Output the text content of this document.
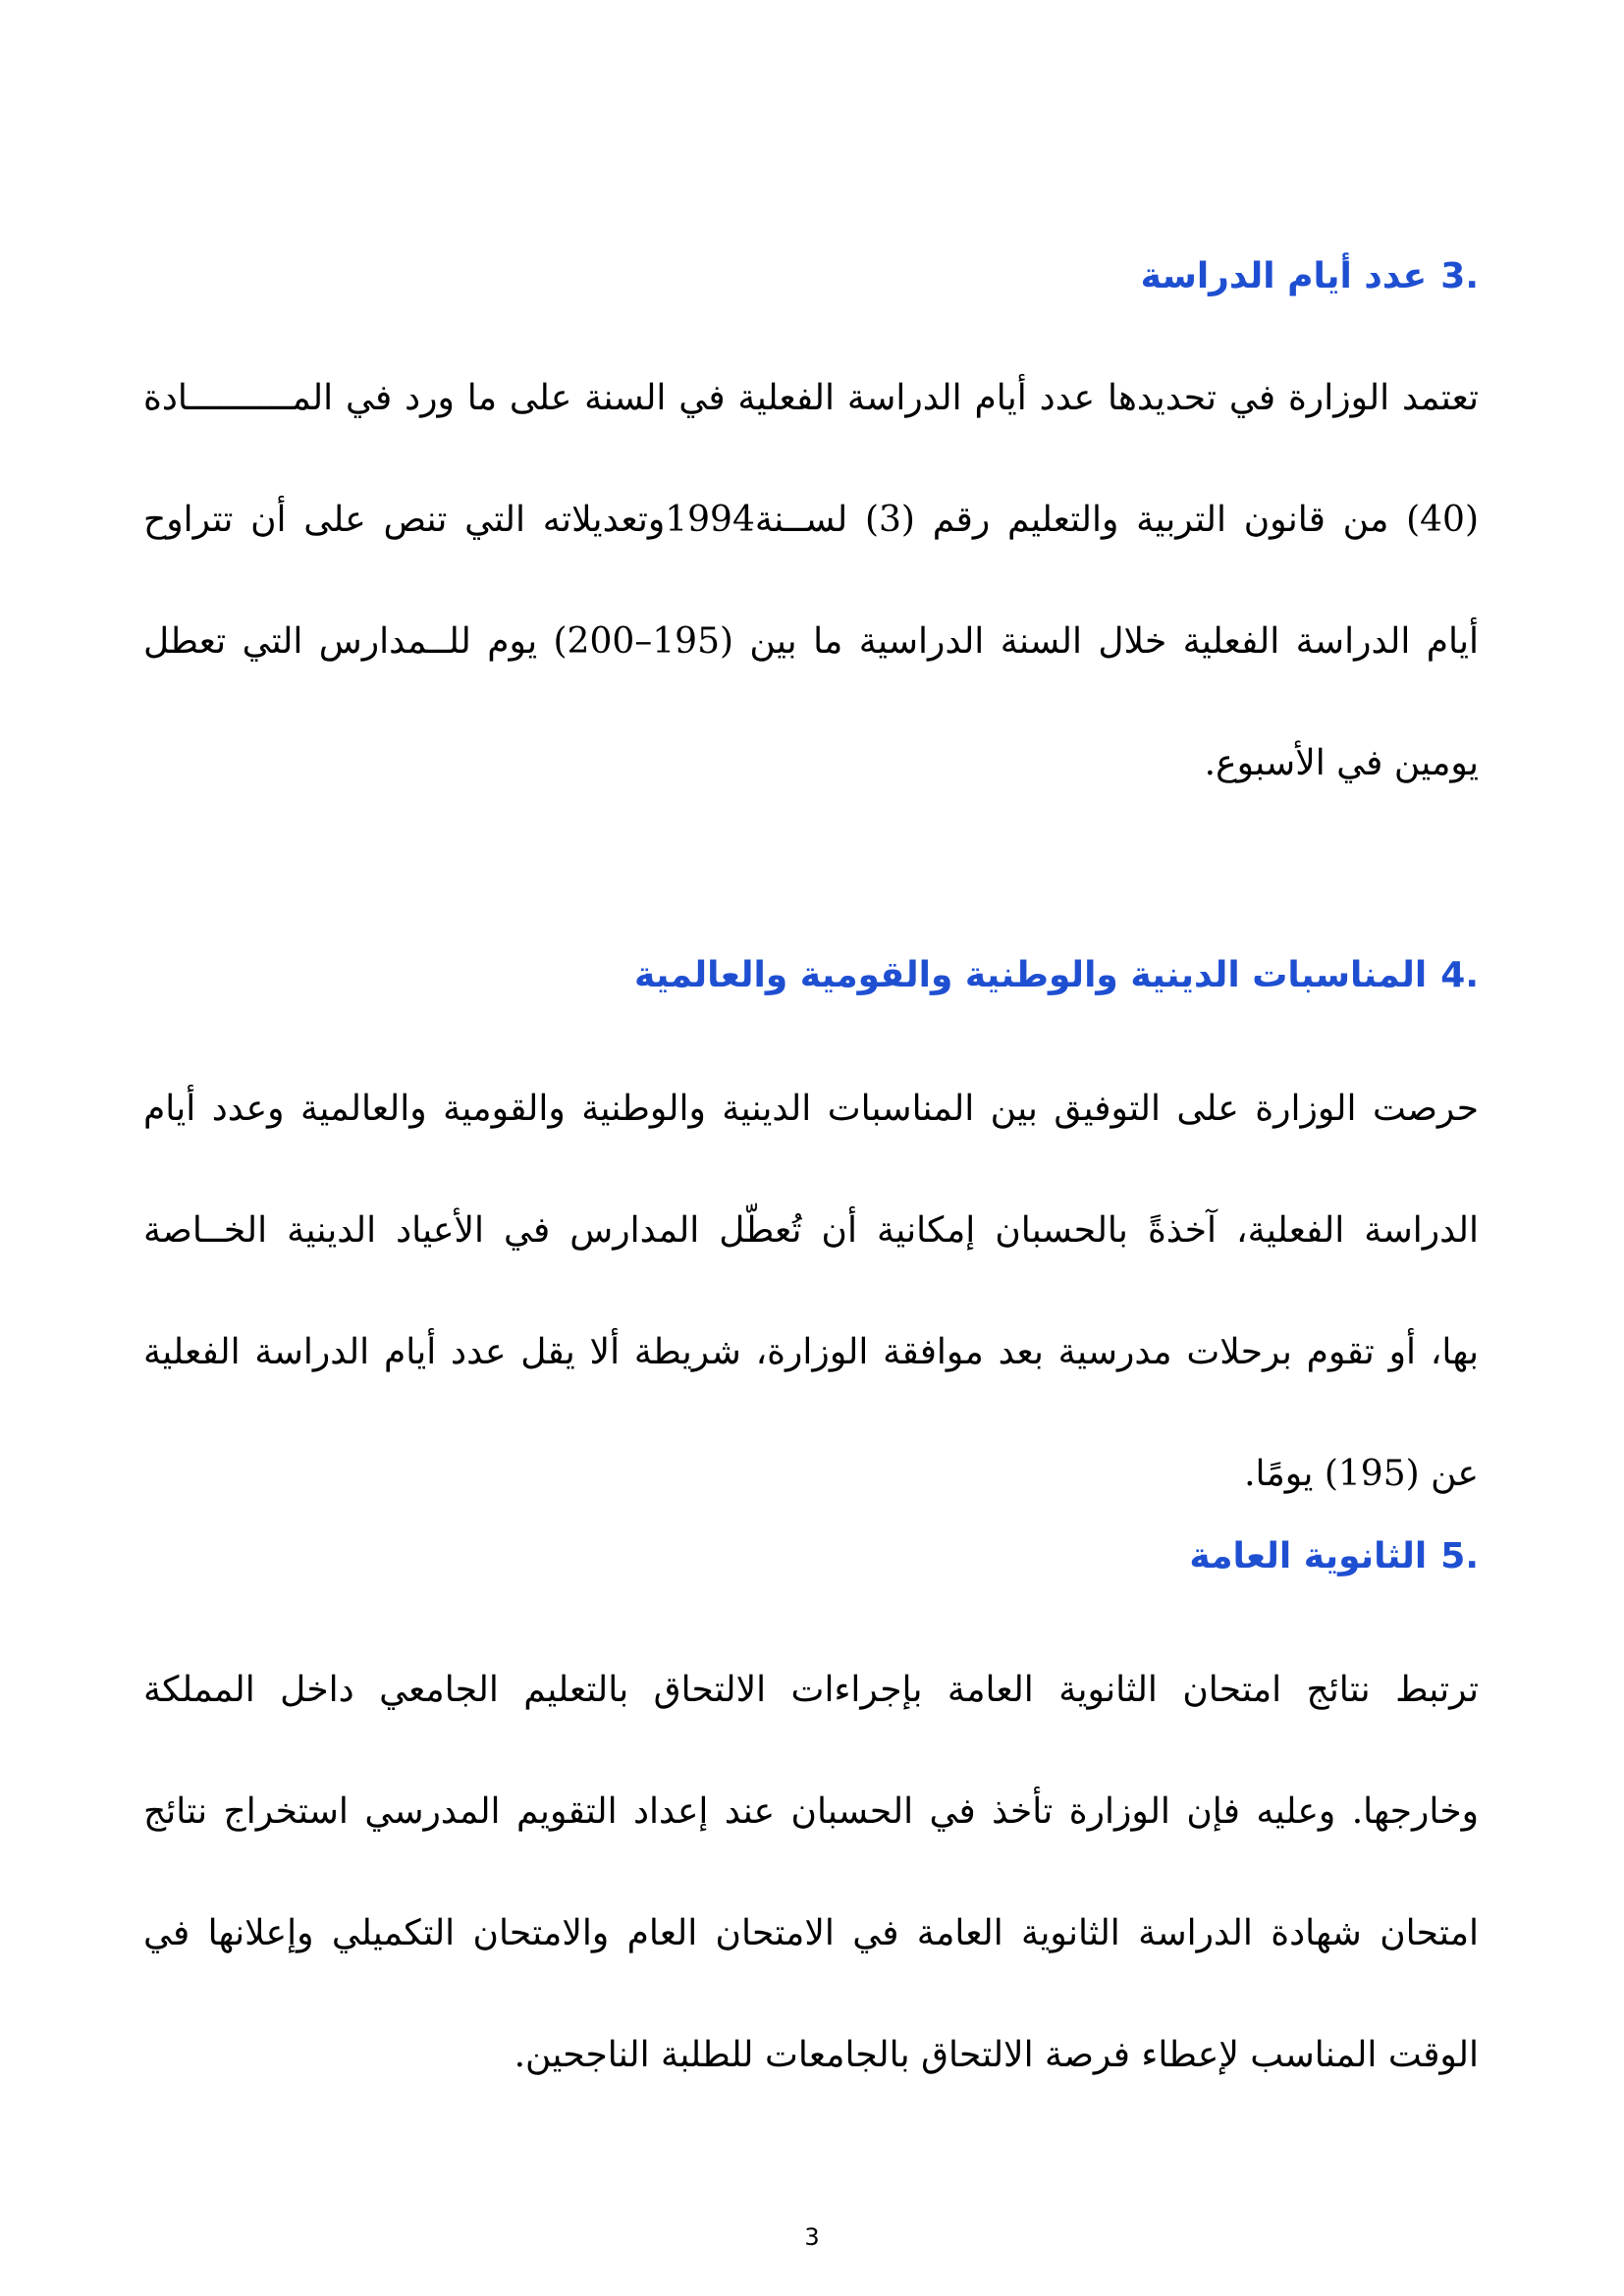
.3عدد أيام الدراسة
تعتمد الوزارة في تحديدها عدد أيام الدراسة الفعلية في السنة على ما ورد في المــــــــــادة
(40) من قانون التربية والتعليم رقم (3) لســنة1994وتعديلاته التي تنص على أن تتراوح
أيام الدراسة الفعلية خلال السنة الدراسية ما بين (195–200) يوم للــمدارس التي تعطل
يومين في الأسبوع.
.4المناسبات الدينية والوطنية والقومية والعالمية
حرصت الوزارة على التوفيق بين المناسبات الدينية والوطنية والقومية والعالمية وعدد أيام
الدراسة الفعلية، آخذةً بالحسبان إمكانية أن تُعطّل المدارس في الأعياد الدينية الخــاصة
بها، أو تقوم برحلات مدرسية بعد موافقة الوزارة، شريطة ألا يقل عدد أيام الدراسة الفعلية
عن (195) يومًا.
.5الثانوية العامة
ترتبط نتائج امتحان الثانوية العامة بإجراءات الالتحاق بالتعليم الجامعي داخل المملكة
وخارجها. وعليه فإن الوزارة تأخذ في الحسبان عند إعداد التقويم المدرسي استخراج نتائج
امتحان شهادة الدراسة الثانوية العامة في الامتحان العام والامتحان التكميلي وإعلانها في
الوقت المناسب لإعطاء فرصة الالتحاق بالجامعات للطلبة الناجحين.
3
